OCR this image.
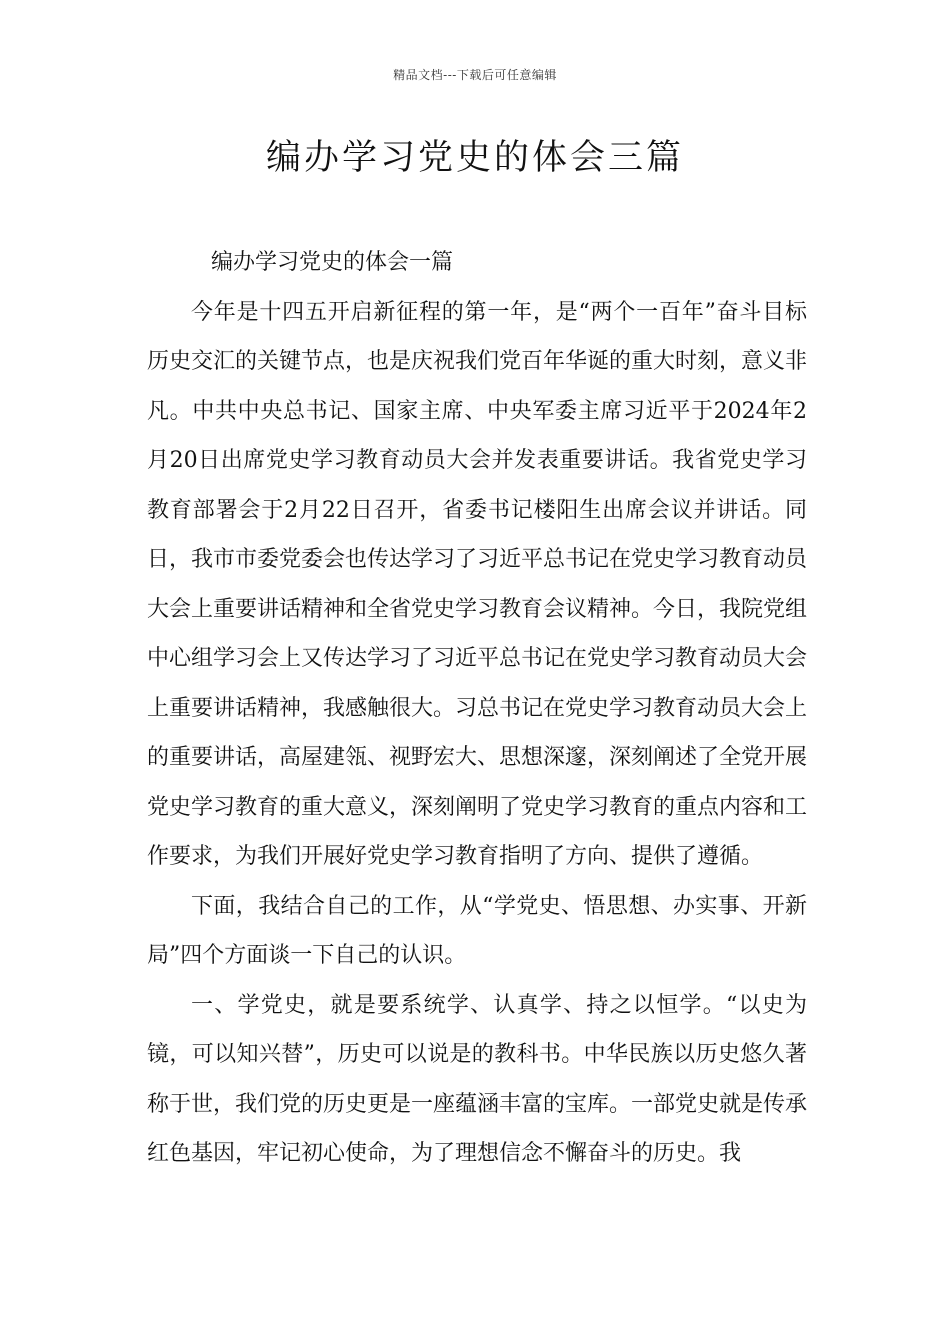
精品文档---下载后可任意编辑
编办学习党史的体会三篇

编办学习党史的体会一篇

今年是十四五开启新征程的第一年，是“两个一百年”奋斗目标历史交汇的关键节点，也是庆祝我们党百年华诞的重大时刻，意义非凡。中共中央总书记、国家主席、中央军委主席习近平于2024年2月20日出席党史学习教育动员大会并发表重要讲话。我省党史学习教育部署会于2月22日召开，省委书记楼阳生出席会议并讲话。同日，我市市委党委会也传达学习了习近平总书记在党史学习教育动员大会上重要讲话精神和全省党史学习教育会议精神。今日，我院党组中心组学习会上又传达学习了习近平总书记在党史学习教育动员大会上重要讲话精神，我感触很大。习总书记在党史学习教育动员大会上的重要讲话，高屋建瓴、视野宏大、思想深邃，深刻阐述了全党开展党史学习教育的重大意义，深刻阐明了党史学习教育的重点内容和工作要求，为我们开展好党史学习教育指明了方向、提供了遵循。

下面，我结合自己的工作，从“学党史、悟思想、办实事、开新局”四个方面谈一下自己的认识。

一、学党史，就是要系统学、认真学、持之以恒学。“以史为镜，可以知兴替”，历史可以说是的教科书。中华民族以历史悠久著称于世，我们党的历史更是一座蕴涵丰富的宝库。一部党史就是传承红色基因，牢记初心使命，为了理想信念不懈奋斗的历史。我
